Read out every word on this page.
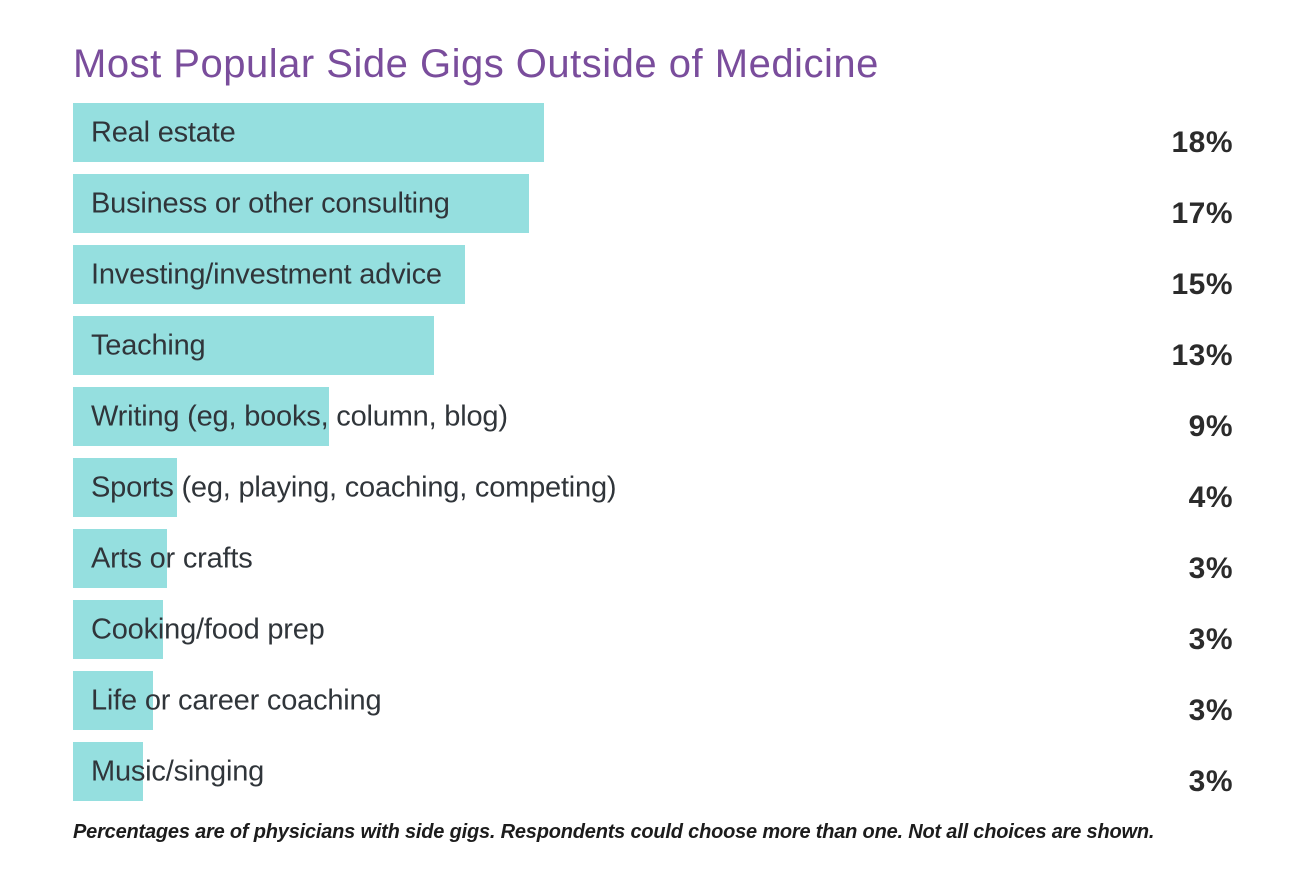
Most Popular Side Gigs Outside of Medicine
Real estate	18%
Business or other consulting	17%
Investing/investment advice	15%
Teaching	13%
Writing (eg, books, column, blog)	9%
Sports (eg, playing, coaching, competing)	4%
Arts or crafts	3%
Cooking/food prep	3%
Life or career coaching	3%
Music/singing	3%

Percentages are of physicians with side gigs. Respondents could choose more than one. Not all choices are shown.
